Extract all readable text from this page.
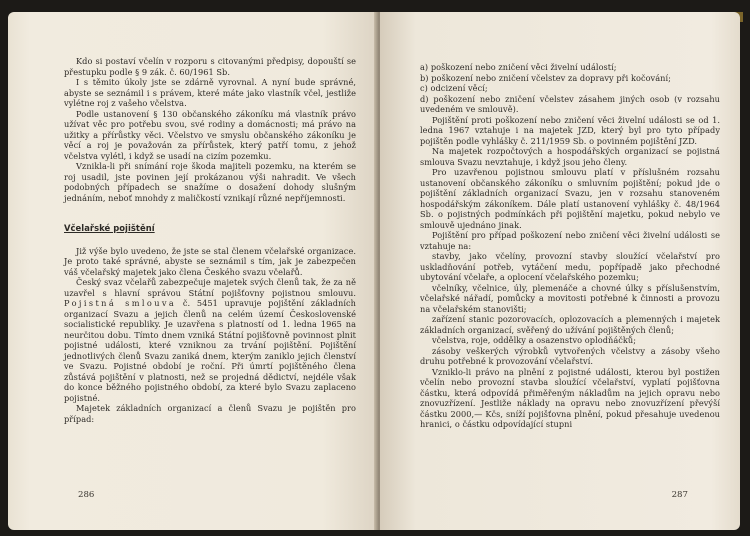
Kdo si postaví včelín v rozporu s citovanými předpisy, dopouští se přestupku podle § 9 zák. č. 60/1961 Sb.

I s těmito úkoly jste se zdárně vyrovnal. A nyní bude správné, abyste se seznámil i s právem, které máte jako vlastník včel, jestliže vylétne roj z vašeho včelstva.

Podle ustanovení § 130 občanského zákoníku má vlastník právo užívat věc pro potřebu svou, své rodiny a domácnosti; má právo na užitky a přírůstky věci. Včelstvo ve smyslu občanského zákoníku je věcí a roj je považován za přírůstek, který patří tomu, z jehož včelstva vylétl, i když se usadí na cizím pozemku.

Vznikla-li při snímání roje škoda majiteli pozemku, na kterém se roj usadil, jste povinen její prokázanou výši nahradit. Ve všech podobných případech se snažíme o dosažení dohody slušným jednáním, neboť mnohdy z maličkostí vznikají různé nepříjemnosti.

Včelařské pojištění

Již výše bylo uvedeno, že jste se stal členem včelařské organizace. Je proto také správné, abyste se seznámil s tím, jak je zabezpečen váš včelařský majetek jako člena Českého svazu včelařů.

Český svaz včelařů zabezpečuje majetek svých členů tak, že za ně uzavřel s hlavní správou Státní pojišťovny pojistnou smlouvu. Pojistná smlouva č. 5451 upravuje pojištění základních organizací Svazu a jejich členů na celém území Československé socialistické republiky. Je uzavřena s platností od 1. ledna 1965 na neurčitou dobu. Tímto dnem vzniká Státní pojišťovně povinnost plnit pojistné události, které vzniknou za trvání pojištění. Pojištění jednotlivých členů Svazu zaniká dnem, kterým zaniklo jejich členství ve Svazu. Pojistné období je roční. Při úmrtí pojištěného člena zůstává pojištění v platnosti, než se projedná dědictví, nejdéle však do konce běžného pojistného období, za které bylo Svazu zaplaceno pojistné.

Majetek základních organizací a členů Svazu je pojištěn pro případ:

286

a) poškození nebo zničení věci živelní událostí;

b) poškození nebo zničení včelstev za dopravy při kočování;

c) odcizení věcí;

d) poškození nebo zničení včelstev zásahem jiných osob (v rozsahu uvedeném ve smlouvě).

Pojištění proti poškození nebo zničení věci živelní události se od 1. ledna 1967 vztahuje i na majetek JZD, který byl pro tyto případy pojištěn podle vyhlášky č. 211/1959 Sb. o povinném pojištění JZD.

Na majetek rozpočtových a hospodářských organizací se pojistná smlouva Svazu nevztahuje, i když jsou jeho členy.

Pro uzavřenou pojistnou smlouvu platí v příslušném rozsahu ustanovení občanského zákoníku o smluvním pojištění; pokud jde o pojištění základních organizací Svazu, jen v rozsahu stanoveném hospodářským zákoníkem. Dále platí ustanovení vyhlášky č. 48/1964 Sb. o pojistných podmínkách při pojištění majetku, pokud nebylo ve smlouvě ujednáno jinak.

Pojištění pro případ poškození nebo zničení věci živelní události se vztahuje na:

stavby, jako včelíny, provozní stavby sloužící včelařství pro uskladňování potřeb, vytáčení medu, popřípadě jako přechodné ubytování včelaře, a oplocení včelařského pozemku;

včelníky, včelnice, úly, plemenáče a chovné úlky s příslušenstvím, včelařské nářadí, pomůcky a movitosti potřebné k činnosti a provozu na včelařském stanovišti;

zařízení stanic pozorovacích, oplozovacích a plemenných i majetek základních organizací, svěřený do užívání pojištěných členů;

včelstva, roje, oddělky a osazenstvo oplodňáčků;

zásoby veškerých výrobků vytvořených včelstvy a zásoby všeho druhu potřebné k provozování včelařství.

Vzniklo-li právo na plnění z pojistné události, kterou byl postižen včelín nebo provozní stavba sloužící včelařství, vyplatí pojišťovna částku, která odpovídá přiměřeným nákladům na jejich opravu nebo znovuzřízení. Jestliže náklady na opravu nebo znovuzřízení převýší částku 2000,— Kčs, sníží pojišťovna plnění, pokud přesahuje uvedenou hranici, o částku odpovídající stupni

287
